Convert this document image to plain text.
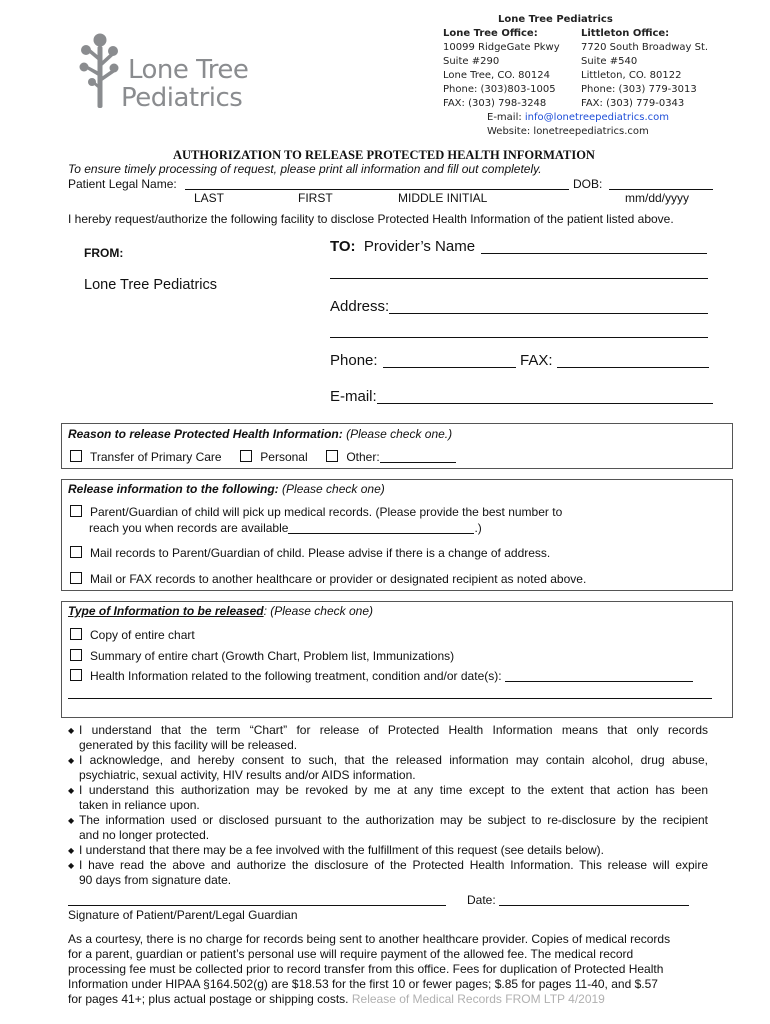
Lone Tree
Pediatrics
Lone Tree Pediatrics
Lone Tree Office:
10099 RidgeGate Pkwy
Suite #290
Lone Tree, CO. 80124
Phone: (303)803-1005
FAX: (303) 798-3248
Littleton Office:
7720 South Broadway St.
Suite #540
Littleton, CO. 80122
Phone: (303) 779-3013
FAX: (303) 779-0343
E-mail: info@lonetreepediatrics.com
Website: lonetreepediatrics.com
AUTHORIZATION TO RELEASE PROTECTED HEALTH INFORMATION
To ensure timely processing of request, please print all information and fill out completely.
Patient Legal Name:	DOB:
LAST	FIRST	MIDDLE INITIAL	mm/dd/yyyy
I hereby request/authorize the following facility to disclose Protected Health Information of the patient listed above.
FROM:
Lone Tree Pediatrics
TO: Provider’s Name
Address:
Phone:	FAX:
E-mail:
Reason to release Protected Health Information: (Please check one.)
Transfer of Primary Care	Personal	Other:
Release information to the following: (Please check one)
Parent/Guardian of child will pick up medical records. (Please provide the best number to
reach you when records are available	.)
Mail records to Parent/Guardian of child. Please advise if there is a change of address.
Mail or FAX records to another healthcare or provider or designated recipient as noted above.
Type of Information to be released: (Please check one)
Copy of entire chart
Summary of entire chart (Growth Chart, Problem list, Immunizations)
Health Information related to the following treatment, condition and/or date(s):
◆ I understand that the term “Chart” for release of Protected Health Information means that only records
generated by this facility will be released.
◆ I acknowledge, and hereby consent to such, that the released information may contain alcohol, drug abuse,
psychiatric, sexual activity, HIV results and/or AIDS information.
◆ I understand this authorization may be revoked by me at any time except to the extent that action has been
taken in reliance upon.
◆ The information used or disclosed pursuant to the authorization may be subject to re-disclosure by the recipient
and no longer protected.
◆ I understand that there may be a fee involved with the fulfillment of this request (see details below).
◆ I have read the above and authorize the disclosure of the Protected Health Information. This release will expire
90 days from signature date.
Date:
Signature of Patient/Parent/Legal Guardian
As a courtesy, there is no charge for records being sent to another healthcare provider. Copies of medical records
for a parent, guardian or patient’s personal use will require payment of the allowed fee. The medical record
processing fee must be collected prior to record transfer from this office. Fees for duplication of Protected Health
Information under HIPAA §164.502(g) are $18.53 for the first 10 or fewer pages; $.85 for pages 11-40, and $.57
for pages 41+; plus actual postage or shipping costs. Release of Medical Records FROM LTP 4/2019
